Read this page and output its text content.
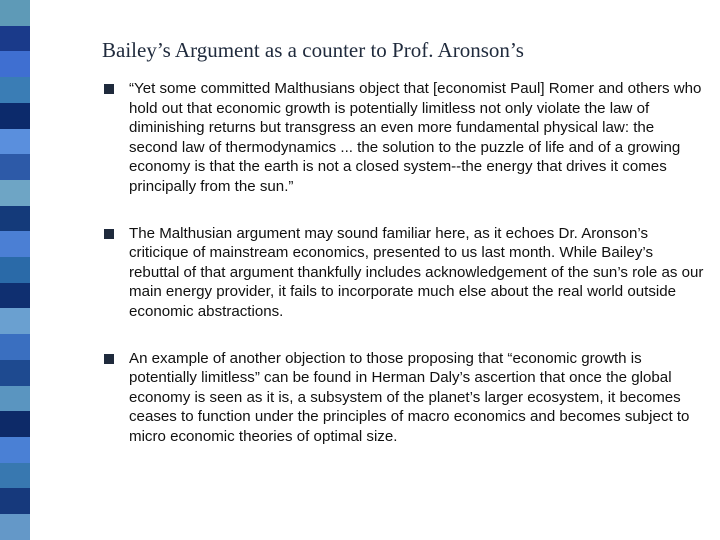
Bailey’s Argument as a counter to Prof. Aronson’s
“Yet some committed Malthusians object that [economist Paul] Romer and others who hold out that economic growth is potentially limitless not only violate the law of diminishing returns but transgress an even more fundamental physical law: the second law of thermodynamics ... the solution to the puzzle of life and of a growing economy is that the earth is not a closed system--the energy that drives it comes principally from the sun.”
The Malthusian argument may sound familiar here, as it echoes Dr. Aronson’s criticique of mainstream economics, presented to us last month. While Bailey’s rebuttal of that argument thankfully includes acknowledgement of the sun’s role as our main energy provider, it fails to incorporate much else about the real world outside economic abstractions.
An example of another objection to those proposing that “economic growth is potentially limitless” can be found in Herman Daly’s ascertion that once the global economy is seen as it is, a subsystem of the planet’s larger ecosystem, it becomes ceases to function under the principles of macro economics and becomes subject to micro economic theories of optimal size.
